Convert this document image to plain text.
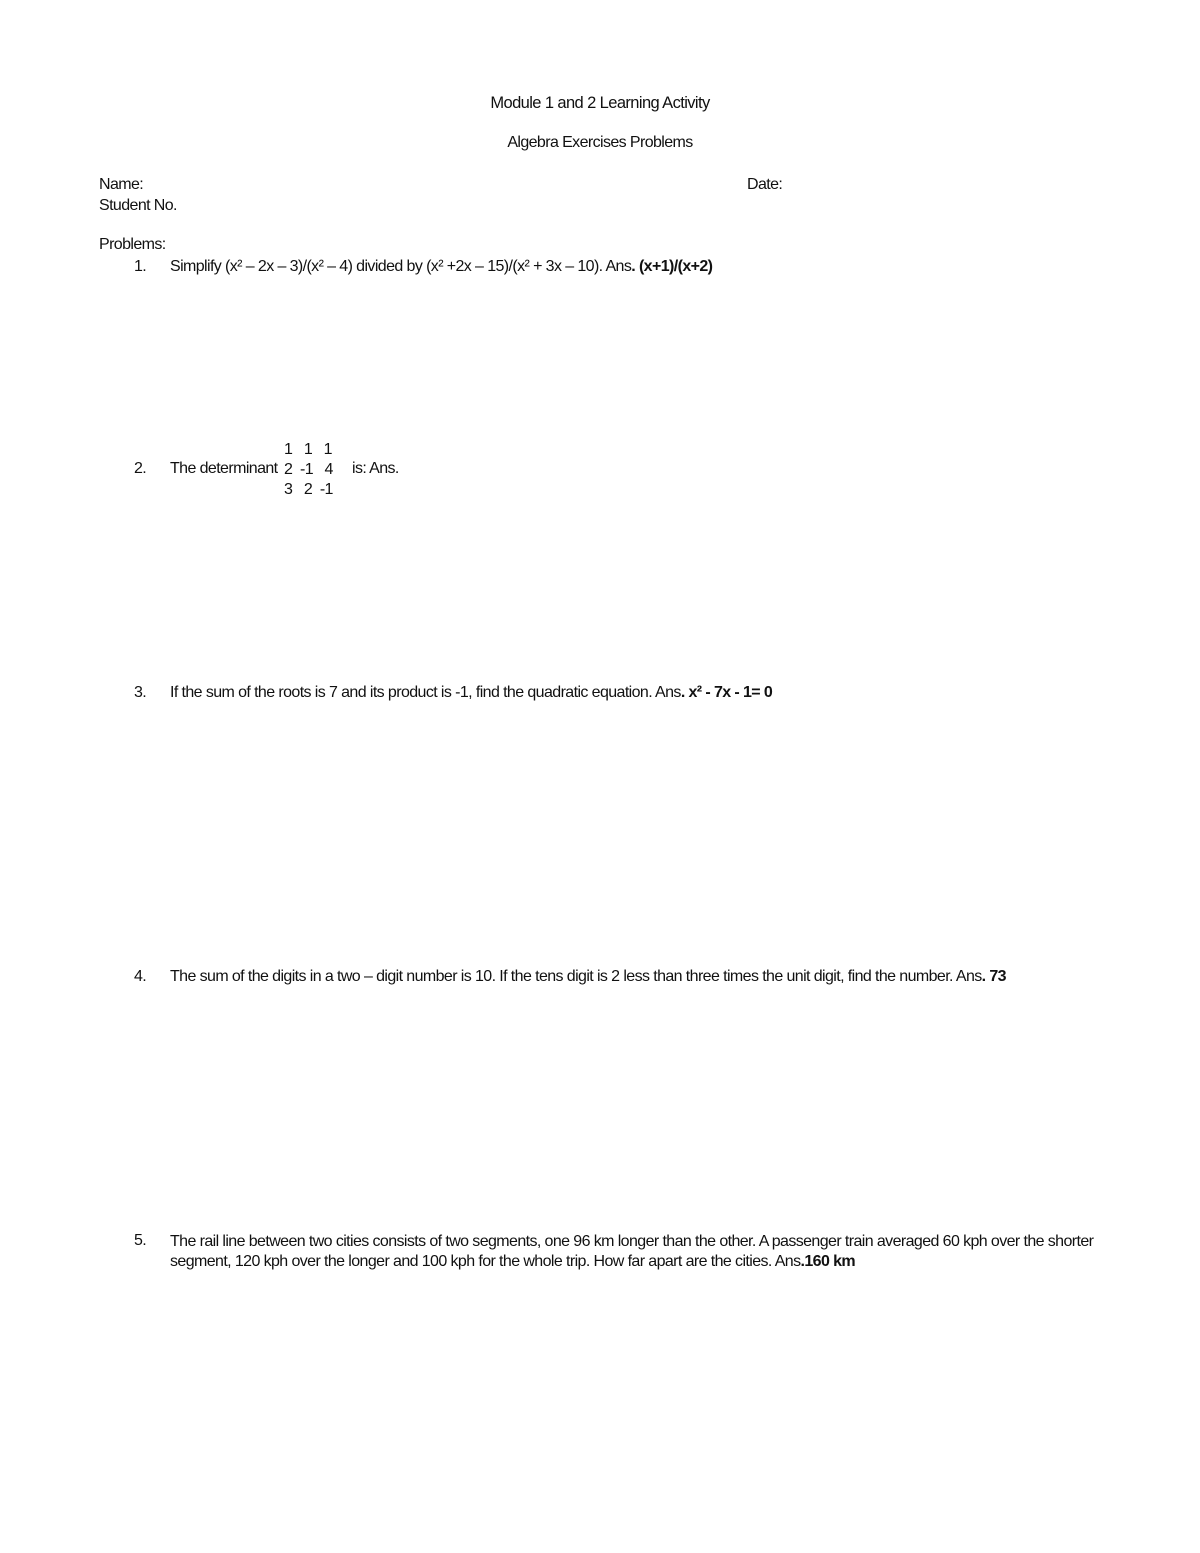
Module 1 and 2 Learning Activity
Algebra Exercises Problems
Name:	Date:
Student No.
Problems:
1. Simplify (x² – 2x – 3)/(x² – 4) divided by (x² +2x – 15)/(x² + 3x – 10). Ans. (x+1)/(x+2)
2. The determinant
1   1   1
2  -1   4
3   2  -1
is: Ans.
3. If the sum of the roots is 7 and its product is -1, find the quadratic equation. Ans. x² - 7x - 1= 0
4. The sum of the digits in a two – digit number is 10. If the tens digit is 2 less than three times the unit digit, find the number. Ans. 73
5. The rail line between two cities consists of two segments, one 96 km longer than the other. A passenger train averaged 60 kph over the shorter segment, 120 kph over the longer and 100 kph for the whole trip. How far apart are the cities. Ans.160 km
